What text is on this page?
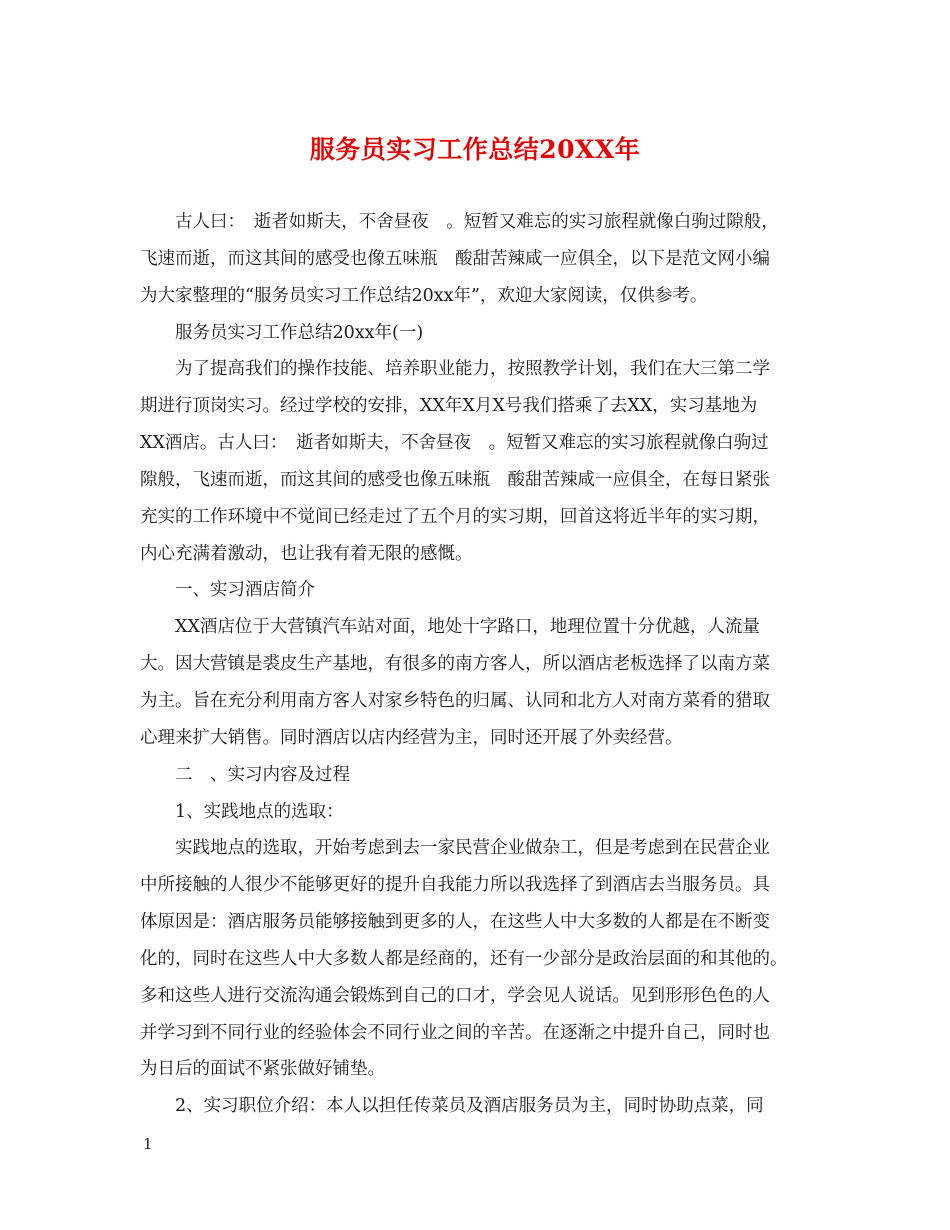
服务员实习工作总结20XX年
　　古人曰：　逝者如斯夫，不舍昼夜　。短暂又难忘的实习旅程就像白驹过隙般，
飞速而逝，而这其间的感受也像五味瓶　酸甜苦辣咸一应俱全，以下是范文网小编
为大家整理的“服务员实习工作总结20xx年”，欢迎大家阅读，仅供参考。
　　服务员实习工作总结20xx年(一)
　　为了提高我们的操作技能、培养职业能力，按照教学计划，我们在大三第二学
期进行顶岗实习。经过学校的安排，XX年X月X号我们搭乘了去XX，实习基地为
XX酒店。古人曰：　逝者如斯夫，不舍昼夜　。短暂又难忘的实习旅程就像白驹过
隙般，飞速而逝，而这其间的感受也像五味瓶　酸甜苦辣咸一应俱全，在每日紧张
充实的工作环境中不觉间已经走过了五个月的实习期，回首这将近半年的实习期，
内心充满着激动，也让我有着无限的感慨。
　　一、实习酒店简介
　　XX酒店位于大营镇汽车站对面，地处十字路口，地理位置十分优越，人流量
大。因大营镇是裘皮生产基地，有很多的南方客人，所以酒店老板选择了以南方菜
为主。旨在充分利用南方客人对家乡特色的归属、认同和北方人对南方菜肴的猎取
心理来扩大销售。同时酒店以店内经营为主，同时还开展了外卖经营。
　　二　、实习内容及过程
　　1、实践地点的选取：
　　实践地点的选取，开始考虑到去一家民营企业做杂工，但是考虑到在民营企业
中所接触的人很少不能够更好的提升自我能力所以我选择了到酒店去当服务员。具
体原因是：酒店服务员能够接触到更多的人，在这些人中大多数的人都是在不断变
化的，同时在这些人中大多数人都是经商的，还有一少部分是政治层面的和其他的。
多和这些人进行交流沟通会锻炼到自己的口才，学会见人说话。见到形形色色的人
并学习到不同行业的经验体会不同行业之间的辛苦。在逐渐之中提升自己，同时也
为日后的面试不紧张做好铺垫。
　　2、实习职位介绍：本人以担任传菜员及酒店服务员为主，同时协助点菜，同
1
